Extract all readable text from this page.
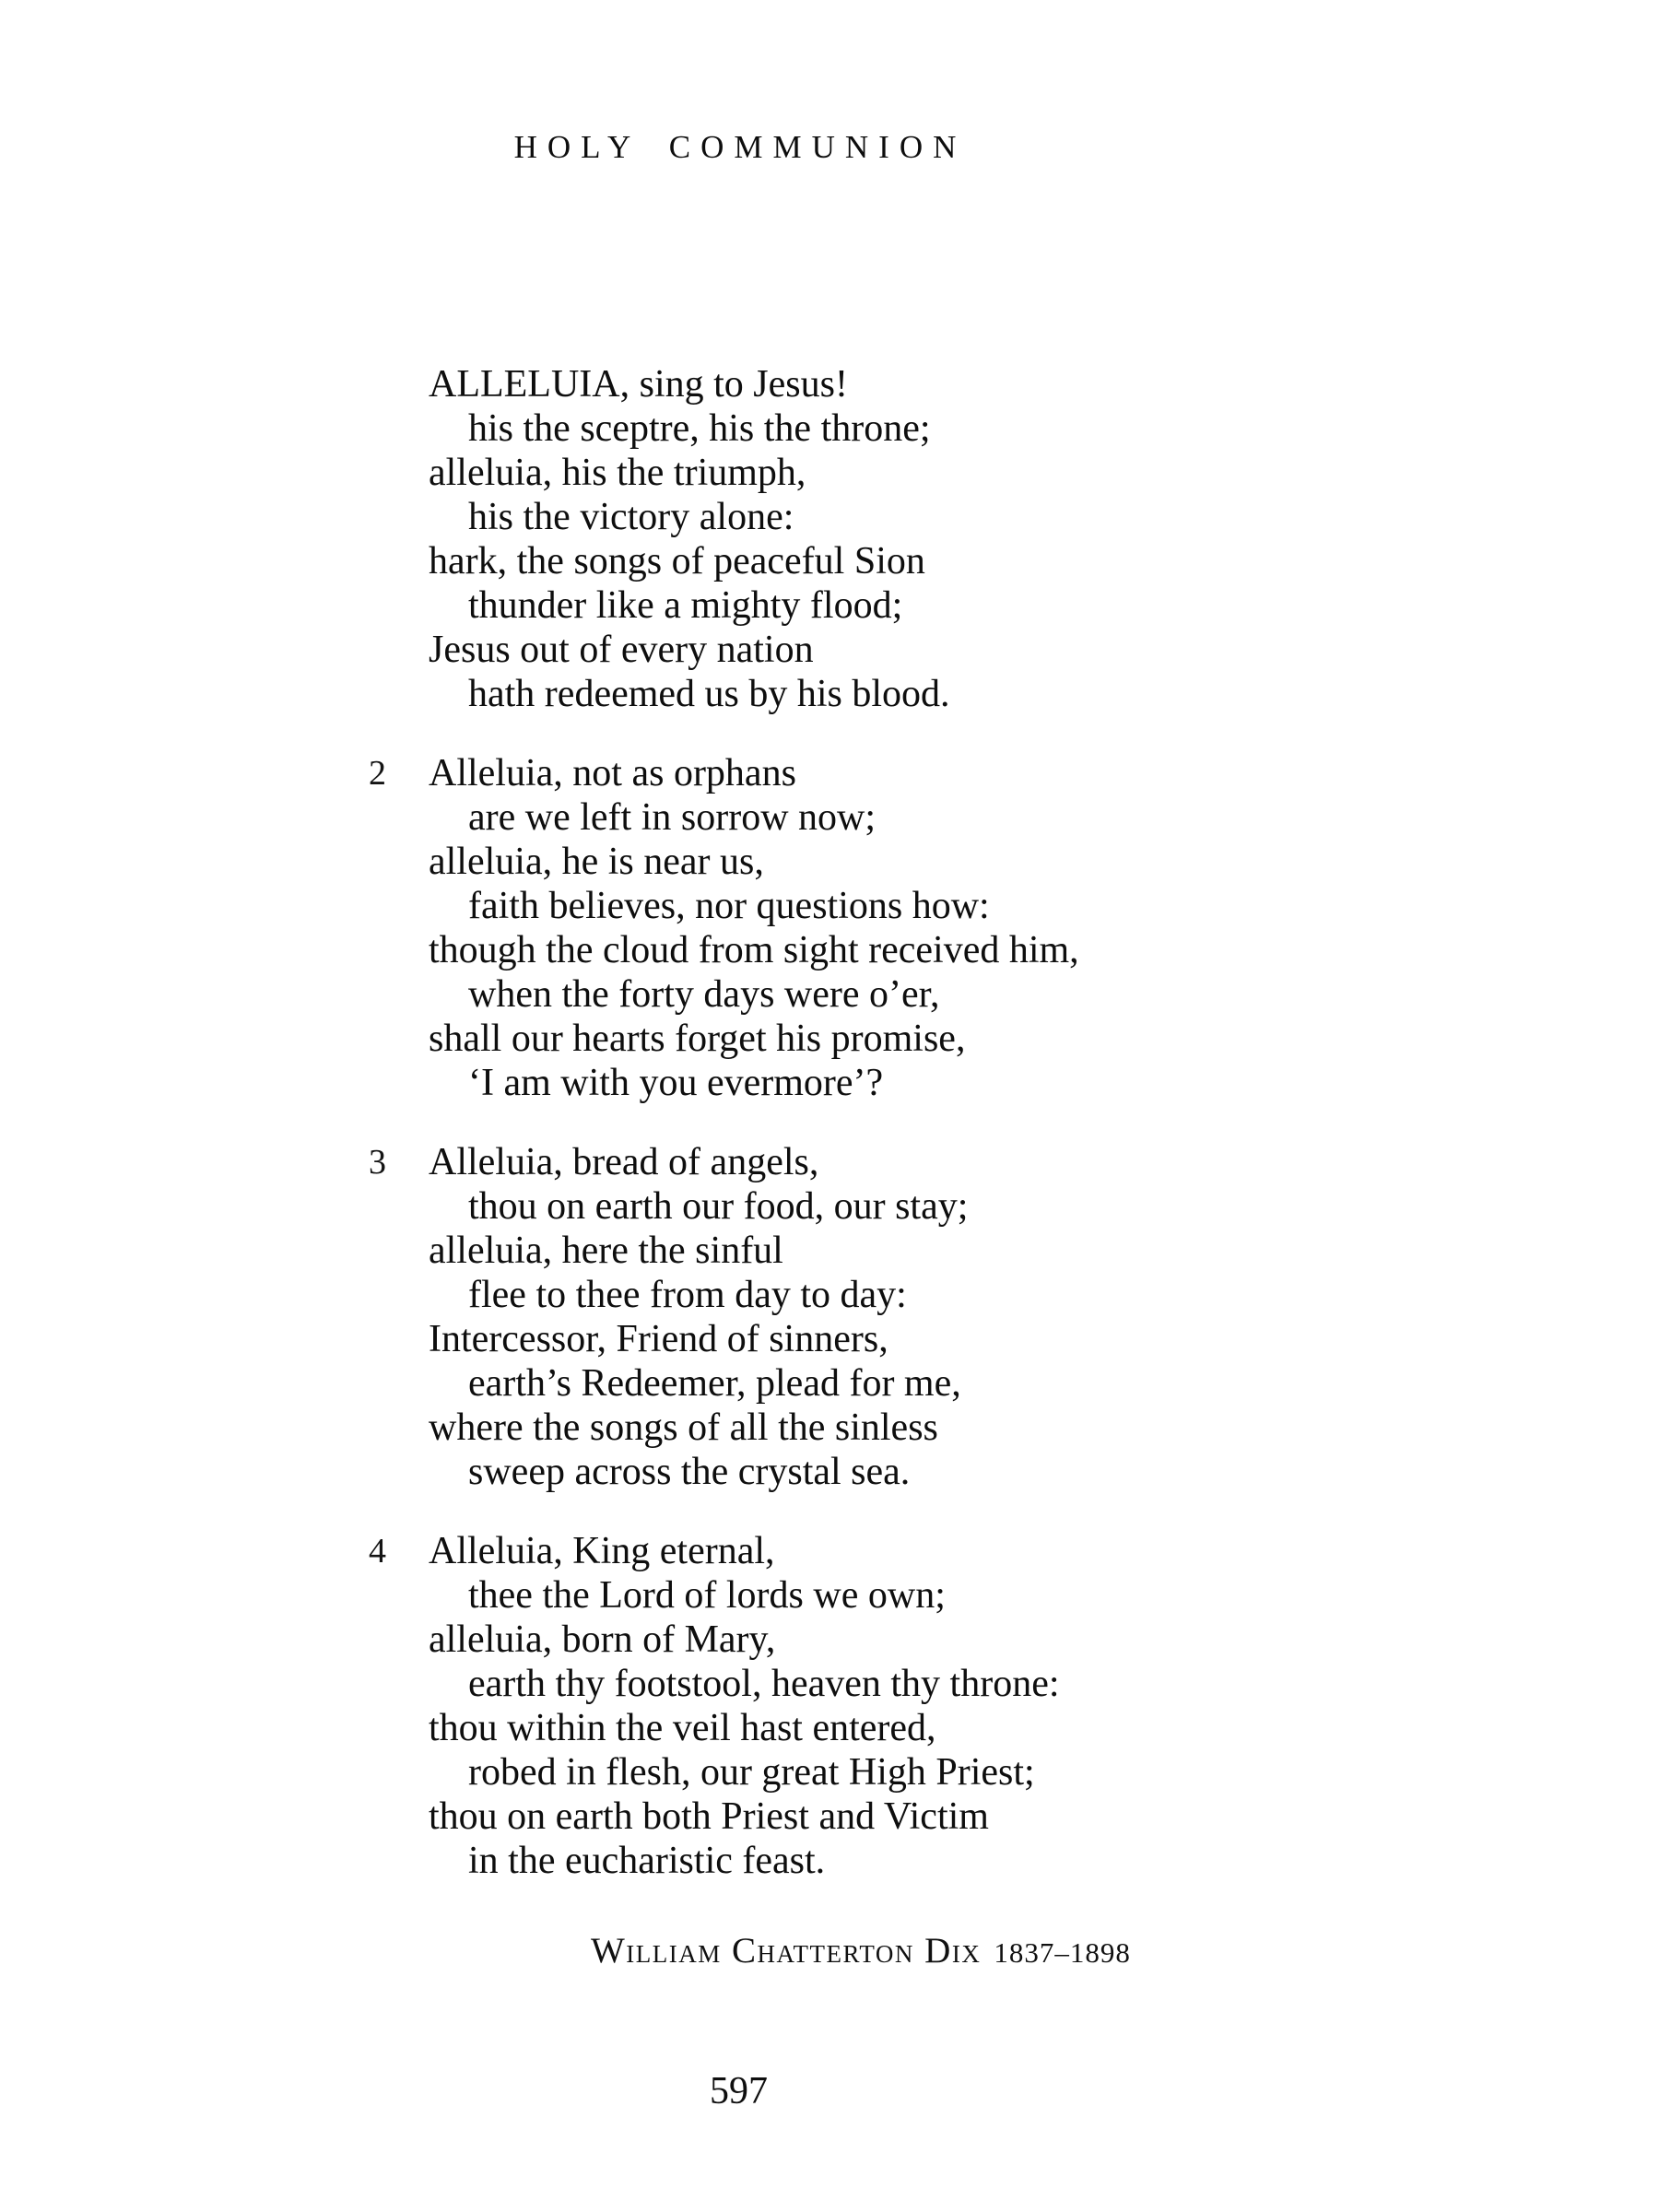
HOLY COMMUNION
ALLELUIA, sing to Jesus!
his the sceptre, his the throne;
alleluia, his the triumph,
his the victory alone:
hark, the songs of peaceful Sion
thunder like a mighty flood;
Jesus out of every nation
hath redeemed us by his blood.
2	Alleluia, not as orphans
are we left in sorrow now;
alleluia, he is near us,
faith believes, nor questions how:
though the cloud from sight received him,
when the forty days were o’er,
shall our hearts forget his promise,
‘I am with you evermore’?
3	Alleluia, bread of angels,
thou on earth our food, our stay;
alleluia, here the sinful
flee to thee from day to day:
Intercessor, Friend of sinners,
earth’s Redeemer, plead for me,
where the songs of all the sinless
sweep across the crystal sea.
4	Alleluia, King eternal,
thee the Lord of lords we own;
alleluia, born of Mary,
earth thy footstool, heaven thy throne:
thou within the veil hast entered,
robed in flesh, our great High Priest;
thou on earth both Priest and Victim
in the eucharistic feast.
William Chatterton Dix 1837–1898
597
